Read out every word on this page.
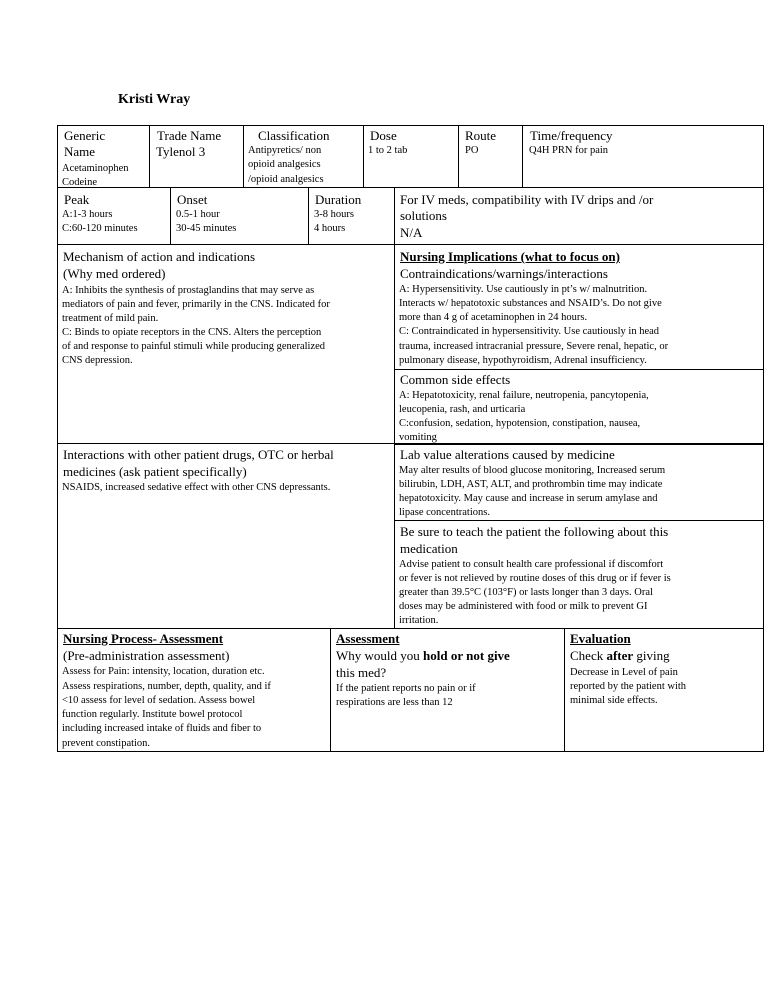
Kristi Wray
Generic
Name
Acetaminophen
Codeine
Trade Name
Tylenol 3
Classification
Antipyretics/ non
opioid analgesics
/opioid analgesics
Dose
1 to 2 tab
Route
PO
Time/frequency
Q4H PRN for pain
Peak
A:1-3 hours
C:60-120 minutes
Onset
0.5-1 hour
30-45 minutes
Duration
3-8 hours
4 hours
For IV meds, compatibility with IV drips and /or
solutions
N/A
Mechanism of action and indications
(Why med ordered)
A: Inhibits the synthesis of prostaglandins that may serve as
mediators of pain and fever, primarily in the CNS. Indicated for
treatment of mild pain.
C: Binds to opiate receptors in the CNS. Alters the perception
of and response to painful stimuli while producing generalized
CNS depression.
Nursing Implications (what to focus on)
Contraindications/warnings/interactions
A: Hypersensitivity. Use cautiously in pt’s w/ malnutrition.
Interacts w/ hepatotoxic substances and NSAID’s. Do not give
more than 4 g of acetaminophen in 24 hours.
C: Contraindicated in hypersensitivity. Use cautiously in head
trauma, increased intracranial pressure, Severe renal, hepatic, or
pulmonary disease, hypothyroidism, Adrenal insufficiency.
Common side effects
A: Hepatotoxicity, renal failure, neutropenia, pancytopenia,
leucopenia, rash, and urticaria
C:confusion, sedation, hypotension, constipation, nausea,
vomiting
Interactions with other patient drugs, OTC or herbal
medicines (ask patient specifically)
NSAIDS, increased sedative effect with other CNS depressants.
Lab value alterations caused by medicine
May alter results of blood glucose monitoring, Increased serum
bilirubin, LDH, AST, ALT, and prothrombin time may indicate
hepatotoxicity. May cause and increase in serum amylase and
lipase concentrations.
Be sure to teach the patient the following about this
medication
Advise patient to consult health care professional if discomfort
or fever is not relieved by routine doses of this drug or if fever is
greater than 39.5°C (103°F) or lasts longer than 3 days. Oral
doses may be administered with food or milk to prevent GI
irritation.
Nursing Process- Assessment
(Pre-administration assessment)
Assess for Pain: intensity, location, duration etc.
Assess respirations, number, depth, quality, and if
<10 assess for level of sedation. Assess bowel
function regularly. Institute bowel protocol
including increased intake of fluids and fiber to
prevent constipation.
Assessment
Why would you hold or not give
this med?
If the patient reports no pain or if
respirations are less than 12
Evaluation
Check after giving
Decrease in Level of pain
reported by the patient with
minimal side effects.
